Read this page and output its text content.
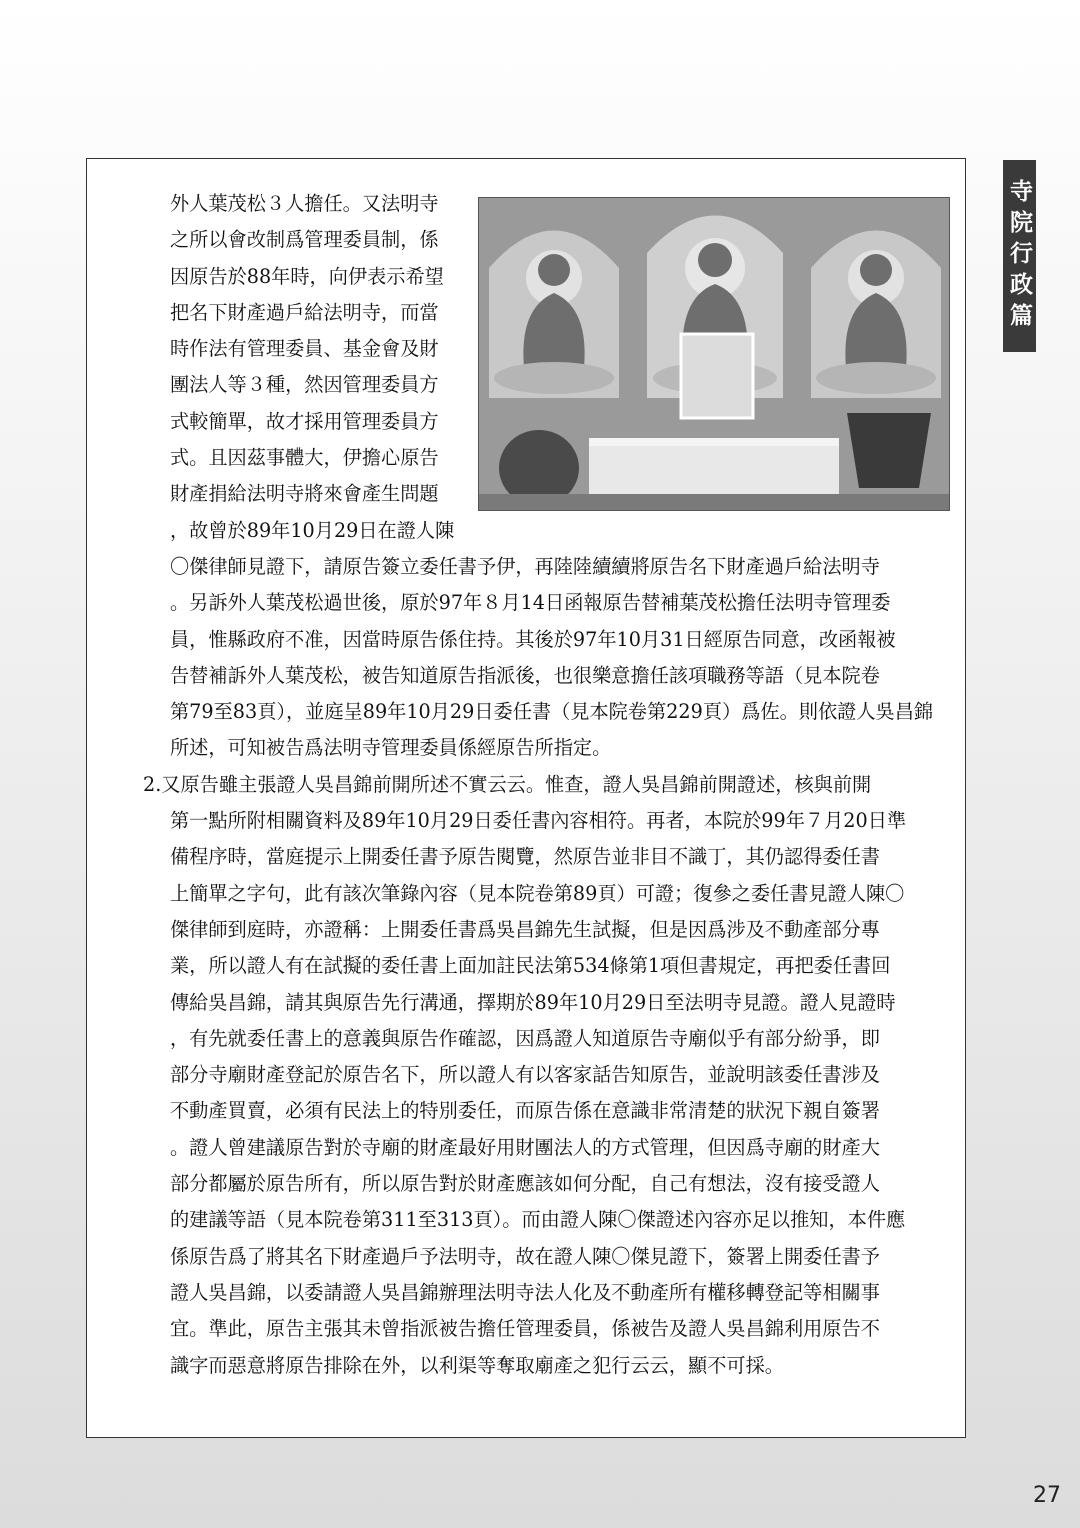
寺院行政篇
外人葉茂松３人擔任。又法明寺
之所以會改制爲管理委員制，係
因原告於88年時，向伊表示希望
把名下財產過戶給法明寺，而當
時作法有管理委員、基金會及財
團法人等３種，然因管理委員方
式較簡單，故才採用管理委員方
式。且因茲事體大，伊擔心原告
財產捐給法明寺將來會產生問題
，故曾於89年10月29日在證人陳
〇傑律師見證下，請原告簽立委任書予伊，再陸陸續續將原告名下財產過戶給法明寺
。另訴外人葉茂松過世後，原於97年８月14日函報原告替補葉茂松擔任法明寺管理委
員，惟縣政府不准，因當時原告係住持。其後於97年10月31日經原告同意，改函報被
告替補訴外人葉茂松，被告知道原告指派後，也很樂意擔任該項職務等語（見本院卷
第79至83頁），並庭呈89年10月29日委任書（見本院卷第229頁）爲佐。則依證人吳昌錦
所述，可知被告爲法明寺管理委員係經原告所指定。
2.又原告雖主張證人吳昌錦前開所述不實云云。惟查，證人吳昌錦前開證述，核與前開
第一點所附相關資料及89年10月29日委任書內容相符。再者，本院於99年７月20日準
備程序時，當庭提示上開委任書予原告閱覽，然原告並非目不識丁，其仍認得委任書
上簡單之字句，此有該次筆錄內容（見本院卷第89頁）可證；復參之委任書見證人陳〇
傑律師到庭時，亦證稱：上開委任書爲吳昌錦先生試擬，但是因爲涉及不動產部分專
業，所以證人有在試擬的委任書上面加註民法第534條第1項但書規定，再把委任書回
傳給吳昌錦，請其與原告先行溝通，擇期於89年10月29日至法明寺見證。證人見證時
，有先就委任書上的意義與原告作確認，因爲證人知道原告寺廟似乎有部分紛爭，即
部分寺廟財產登記於原告名下，所以證人有以客家話告知原告，並說明該委任書涉及
不動產買賣，必須有民法上的特別委任，而原告係在意識非常清楚的狀況下親自簽署
。證人曾建議原告對於寺廟的財產最好用財團法人的方式管理，但因爲寺廟的財產大
部分都屬於原告所有，所以原告對於財產應該如何分配，自己有想法，沒有接受證人
的建議等語（見本院卷第311至313頁）。而由證人陳〇傑證述內容亦足以推知，本件應
係原告爲了將其名下財產過戶予法明寺，故在證人陳〇傑見證下，簽署上開委任書予
證人吳昌錦，以委請證人吳昌錦辦理法明寺法人化及不動產所有權移轉登記等相關事
宜。準此，原告主張其未曾指派被告擔任管理委員，係被告及證人吳昌錦利用原告不
識字而惡意將原告排除在外，以利渠等奪取廟產之犯行云云，顯不可採。
27
